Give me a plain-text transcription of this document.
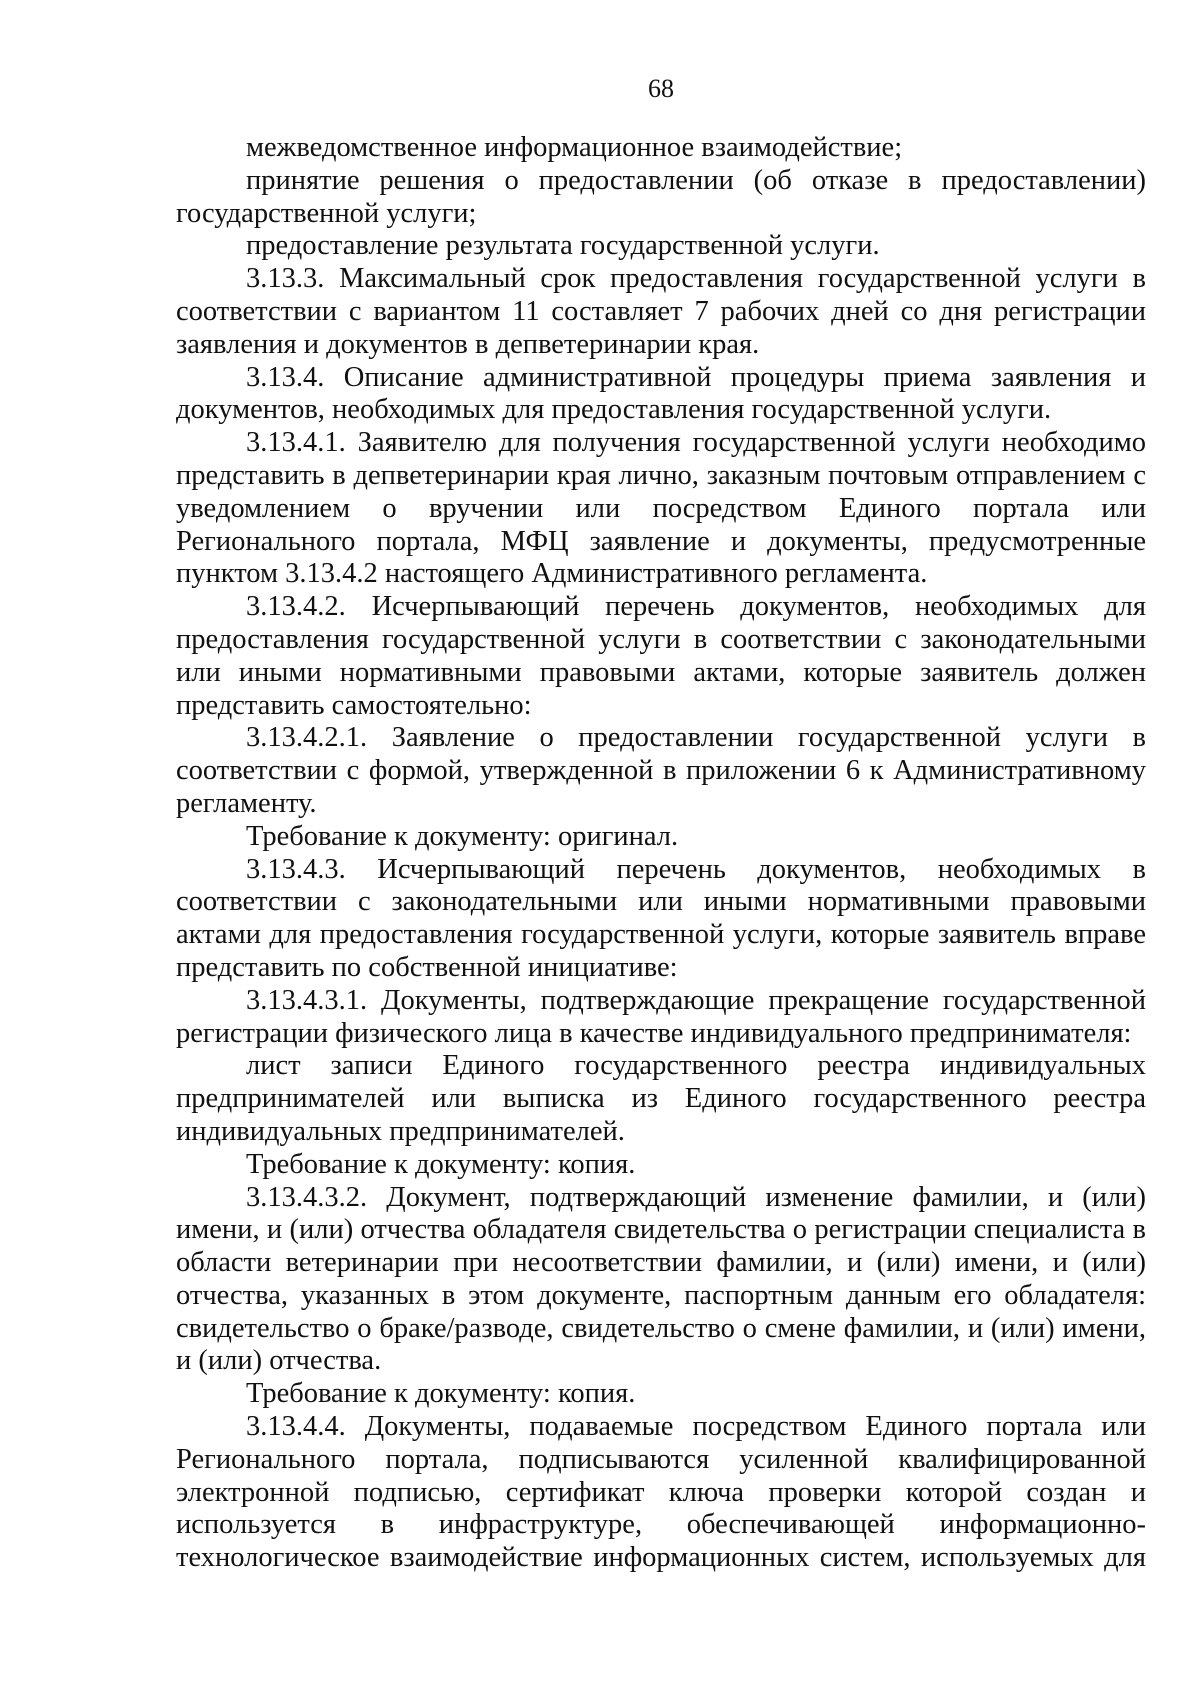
68

межведомственное информационное взаимодействие;

принятие решения о предоставлении (об отказе в предоставлении) государственной услуги;

предоставление результата государственной услуги.

3.13.3. Максимальный срок предоставления государственной услуги в соответствии с вариантом 11 составляет 7 рабочих дней со дня регистрации заявления и документов в депветеринарии края.

3.13.4. Описание административной процедуры приема заявления и документов, необходимых для предоставления государственной услуги.

3.13.4.1. Заявителю для получения государственной услуги необходимо представить в депветеринарии края лично, заказным почтовым отправлением с уведомлением о вручении или посредством Единого портала или Регионального портала, МФЦ заявление и документы, предусмотренные пунктом 3.13.4.2 настоящего Административного регламента.

3.13.4.2. Исчерпывающий перечень документов, необходимых для предоставления государственной услуги в соответствии с законодательными или иными нормативными правовыми актами, которые заявитель должен представить самостоятельно:

3.13.4.2.1. Заявление о предоставлении государственной услуги в соответствии с формой, утвержденной в приложении 6 к Административному регламенту.

Требование к документу: оригинал.

3.13.4.3. Исчерпывающий перечень документов, необходимых в соответствии с законодательными или иными нормативными правовыми актами для предоставления государственной услуги, которые заявитель вправе представить по собственной инициативе:

3.13.4.3.1. Документы, подтверждающие прекращение государственной регистрации физического лица в качестве индивидуального предпринимателя:

лист записи Единого государственного реестра индивидуальных предпринимателей или выписка из Единого государственного реестра индивидуальных предпринимателей.

Требование к документу: копия.

3.13.4.3.2. Документ, подтверждающий изменение фамилии, и (или) имени, и (или) отчества обладателя свидетельства о регистрации специалиста в области ветеринарии при несоответствии фамилии, и (или) имени, и (или) отчества, указанных в этом документе, паспортным данным его обладателя: свидетельство о браке/разводе, свидетельство о смене фамилии, и (или) имени, и (или) отчества.

Требование к документу: копия.

3.13.4.4. Документы, подаваемые посредством Единого портала или Регионального портала, подписываются усиленной квалифицированной электронной подписью, сертификат ключа проверки которой создан и используется в инфраструктуре, обеспечивающей информационно-технологическое взаимодействие информационных систем, используемых для
